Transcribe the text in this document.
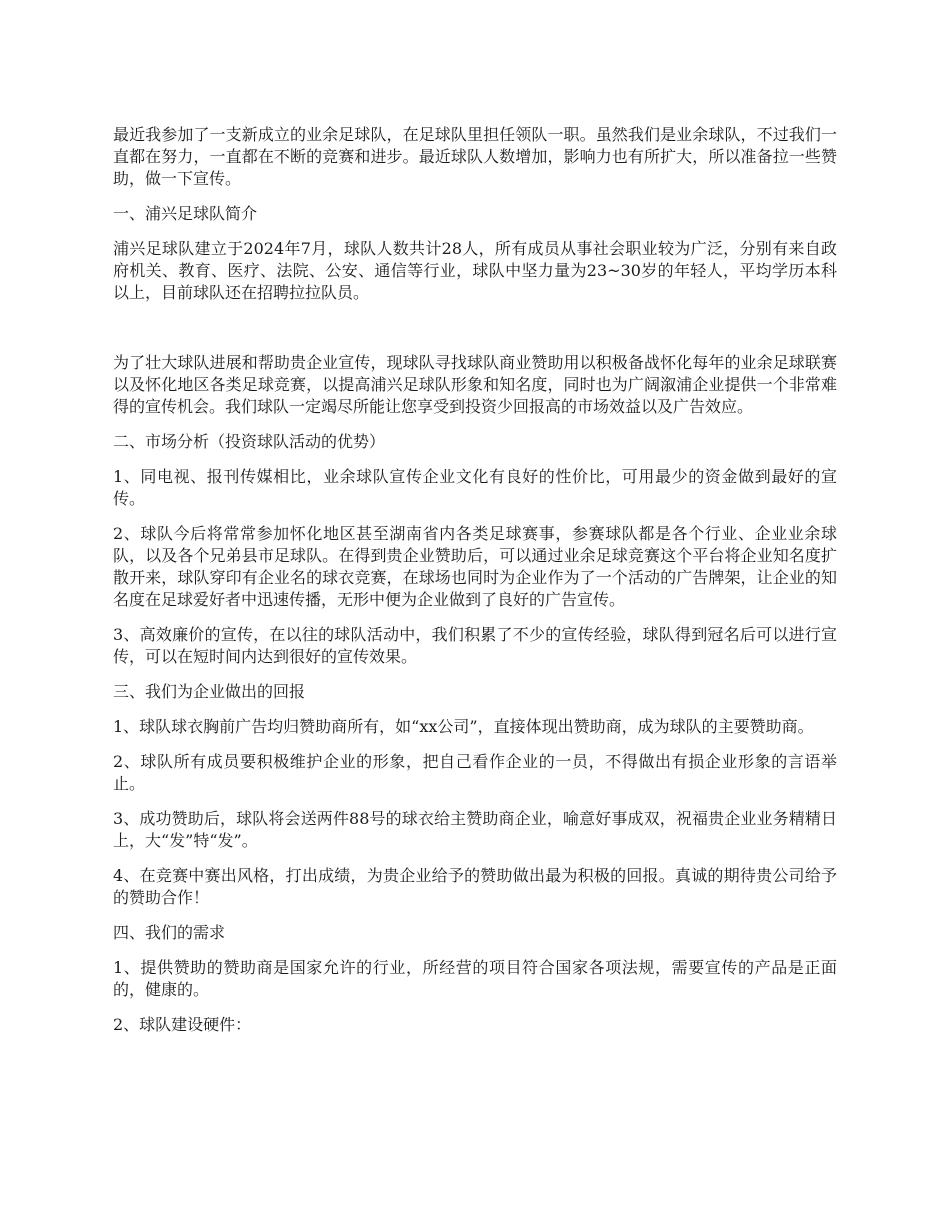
最近我参加了一支新成立的业余足球队，在足球队里担任领队一职。虽然我们是业余球队，不过我们一直都在努力，一直都在不断的竞赛和进步。最近球队人数增加，影响力也有所扩大，所以准备拉一些赞助，做一下宣传。

一、浦兴足球队简介

浦兴足球队建立于2024年7月，球队人数共计28人，所有成员从事社会职业较为广泛，分别有来自政府机关、教育、医疗、法院、公安、通信等行业，球队中坚力量为23~30岁的年轻人，平均学历本科以上，目前球队还在招聘拉拉队员。

为了壮大球队进展和帮助贵企业宣传，现球队寻找球队商业赞助用以积极备战怀化每年的业余足球联赛以及怀化地区各类足球竞赛，以提高浦兴足球队形象和知名度，同时也为广阔溆浦企业提供一个非常难得的宣传机会。我们球队一定竭尽所能让您享受到投资少回报高的市场效益以及广告效应。

二、市场分析（投资球队活动的优势）

1、同电视、报刊传媒相比，业余球队宣传企业文化有良好的性价比，可用最少的资金做到最好的宣传。

2、球队今后将常常参加怀化地区甚至湖南省内各类足球赛事，参赛球队都是各个行业、企业业余球队，以及各个兄弟县市足球队。在得到贵企业赞助后，可以通过业余足球竞赛这个平台将企业知名度扩散开来，球队穿印有企业名的球衣竞赛，在球场也同时为企业作为了一个活动的广告牌架，让企业的知名度在足球爱好者中迅速传播，无形中便为企业做到了良好的广告宣传。

3、高效廉价的宣传，在以往的球队活动中，我们积累了不少的宣传经验，球队得到冠名后可以进行宣传，可以在短时间内达到很好的宣传效果。

三、我们为企业做出的回报

1、球队球衣胸前广告均归赞助商所有，如“xx公司”，直接体现出赞助商，成为球队的主要赞助商。

2、球队所有成员要积极维护企业的形象，把自己看作企业的一员，不得做出有损企业形象的言语举止。

3、成功赞助后，球队将会送两件88号的球衣给主赞助商企业，喻意好事成双，祝福贵企业业务精精日上，大“发”特“发”。

4、在竞赛中赛出风格，打出成绩，为贵企业给予的赞助做出最为积极的回报。真诚的期待贵公司给予的赞助合作！

四、我们的需求

1、提供赞助的赞助商是国家允许的行业，所经营的项目符合国家各项法规，需要宣传的产品是正面的，健康的。

2、球队建设硬件：
